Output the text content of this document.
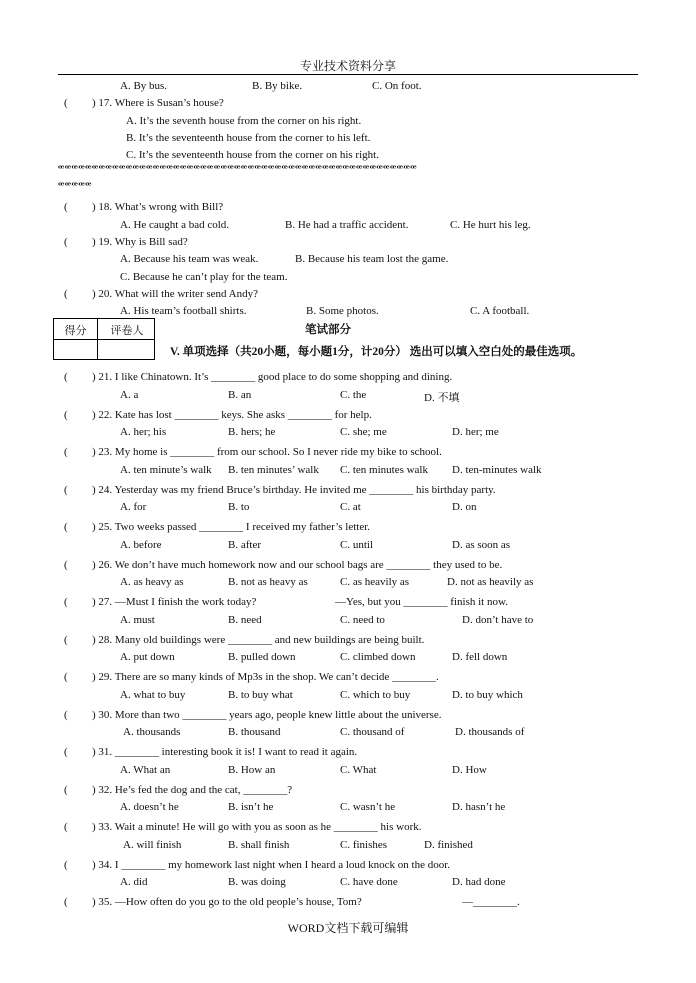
专业技术资料分享
A. By bus.	B. By bike.	C. On foot.
( ) 17. Where is Susan’s house?
A. It’s the seventh house from the corner on his right.
B. It’s the seventeenth house from the corner to his left.
C. It’s the seventeenth house from the corner on his right.
ꟹꟹꟹꟹꟹꟹꟹꟹꟹꟹꟹꟹꟹꟹꟹꟹꟹꟹꟹꟹꟹꟹꟹꟹꟹꟹꟹꟹꟹꟹꟹꟹꟹꟹꟹꟹꟹꟹꟹꟹꟹꟹꟹꟹꟹꟹꟹꟹꟹꟹꟹꟹꟹ
ꟹꟹꟹꟹꟹ
( ) 18. What’s wrong with Bill?
A. He caught a bad cold.	B. He had a traffic accident.	C. He hurt his leg.
( ) 19. Why is Bill sad?
A. Because his team was weak.	B. Because his team lost the game.
C. Because he can’t play for the team.
( ) 20. What will the writer send Andy?
A. His team’s football shirts.	B. Some photos.	C. A football.
得分	评卷人	笔试部分
V. 单项选择（共20小题，每小题1分，计20分） 选出可以填入空白处的最佳选项。
( ) 21. I like Chinatown. It’s ________ good place to do some shopping and dining.
A. a	B. an	C. the	D. 不填
( ) 22. Kate has lost ________ keys. She asks ________ for help.
A. her; his	B. hers; he	C. she; me	D. her; me
( ) 23. My home is ________ from our school. So I never ride my bike to school.
A. ten minute’s walk B. ten minutes’ walk C. ten minutes walk D. ten-minutes walk
( ) 24. Yesterday was my friend Bruce’s birthday. He invited me ________ his birthday party.
A. for	B. to	C. at	D. on
( ) 25. Two weeks passed ________ I received my father’s letter.
A. before	B. after	C. until	D. as soon as
( ) 26. We don’t have much homework now and our school bags are ________ they used to be.
A. as heavy as	B. not as heavy as	C. as heavily as	D. not as heavily as
( ) 27. —Must I finish the work today?	—Yes, but you ________ finish it now.
A. must	B. need	C. need to	D. don’t have to
( ) 28. Many old buildings were ________ and new buildings are being built.
A. put down	B. pulled down	C. climbed down	D. fell down
( ) 29. There are so many kinds of Mp3s in the shop. We can’t decide ________.
A. what to buy	B. to buy what	C. which to buy	D. to buy which
( ) 30. More than two ________ years ago, people knew little about the universe.
A. thousands	B. thousand	C. thousand of	D. thousands of
( ) 31. ________ interesting book it is! I want to read it again.
A. What an	B. How an	C. What	D. How
( ) 32. He’s fed the dog and the cat, ________?
A. doesn’t he	B. isn’t he	C. wasn’t he	D. hasn’t he
( ) 33. Wait a minute! He will go with you as soon as he ________ his work.
A. will finish	B. shall finish	C. finishes	D. finished
( ) 34. I ________ my homework last night when I heard a loud knock on the door.
A. did	B. was doing	C. have done	D. had done
( ) 35. —How often do you go to the old people’s house, Tom?	—________.
WORD文档下载可编辑
